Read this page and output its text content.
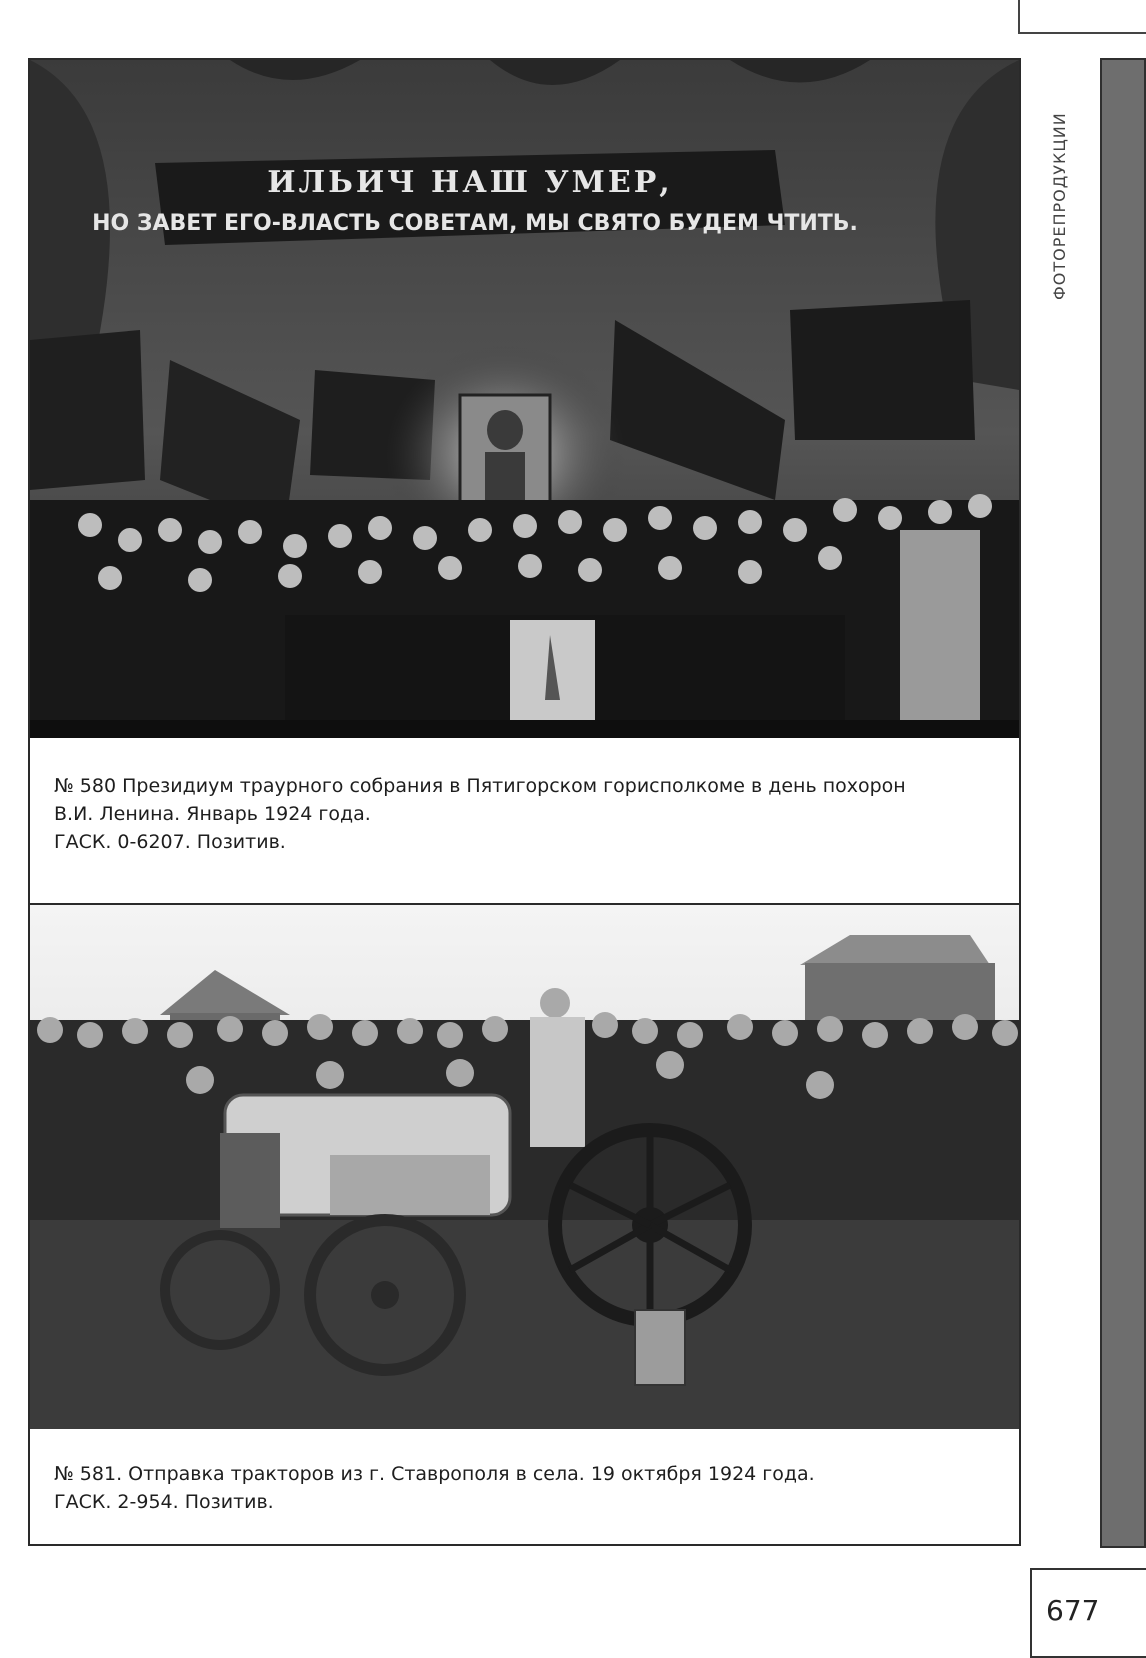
ФОТОРЕПРОДУКЦИИ
ИЛЬИЧ НАШ УМЕР,
НО ЗАВЕТ ЕГО-ВЛАСТЬ СОВЕТАМ, МЫ СВЯТО БУДЕМ ЧТИТЬ.
№ 580 Президиум траурного собрания в Пятигорском горисполкоме в день похорон
В.И. Ленина. Январь 1924 года.
ГАСК. 0-6207. Позитив.
№ 581. Отправка тракторов из г. Ставрополя в села. 19 октября 1924 года.
ГАСК. 2-954. Позитив.
677
